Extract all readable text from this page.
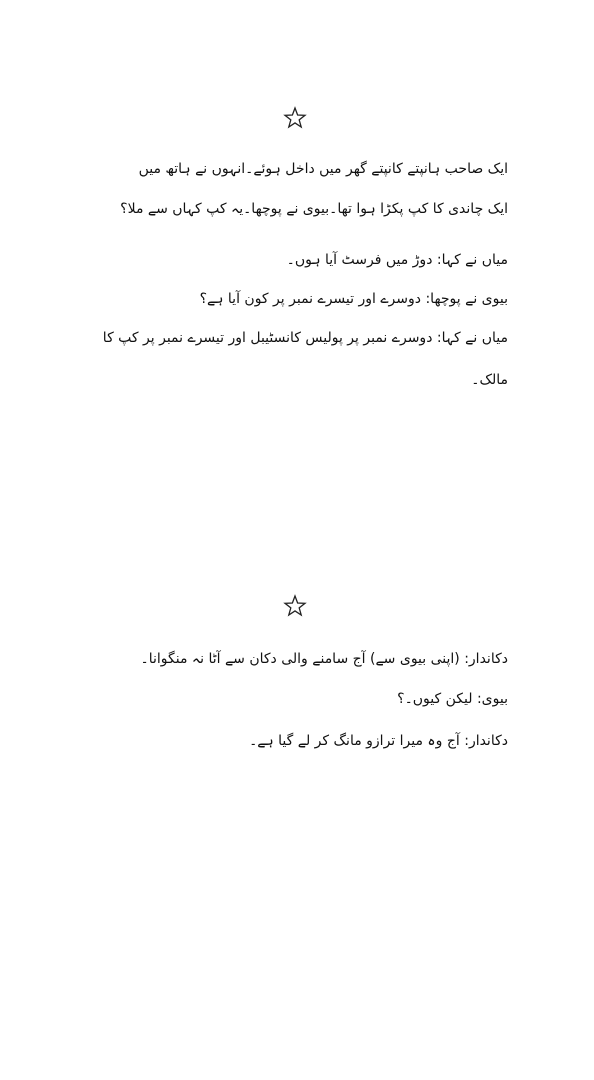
ایک صاحب ہانپتے کانپتے گھر میں داخل ہوئے۔انہوں نے ہاتھ میں
ایک چاندی کا کپ پکڑا ہوا تھا۔بیوی نے پوچھا۔یہ کپ کہاں سے ملا؟
میاں نے کہا: دوڑ میں فرسٹ آیا ہوں۔
بیوی نے پوچھا: دوسرے اور تیسرے نمبر پر کون آیا ہے؟
میاں نے کہا: دوسرے نمبر پر پولیس کانسٹیبل اور تیسرے نمبر پر کپ کا
مالک۔
دکاندار: (اپنی بیوی سے) آج سامنے والی دکان سے آٹا نہ منگوانا۔
بیوی: لیکن کیوں۔؟
دکاندار: آج وہ میرا ترازو مانگ کر لے گیا ہے۔
